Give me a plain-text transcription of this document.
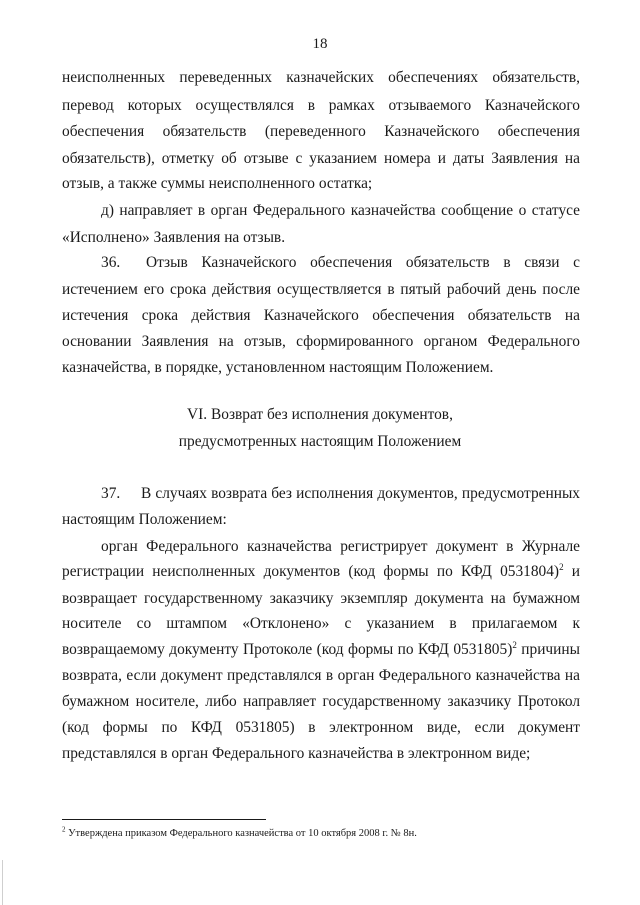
18
неисполненных переведенных казначейских обеспечениях обязательств,
перевод которых осуществлялся в рамках отзываемого Казначейского
обеспечения обязательств (переведенного Казначейского обеспечения
обязательств), отметку об отзыве с указанием номера и даты Заявления на
отзыв, а также суммы неисполненного остатка;
д) направляет в орган Федерального казначейства сообщение о статусе
«Исполнено» Заявления на отзыв.
36.	Отзыв Казначейского обеспечения обязательств в связи с
истечением его срока действия осуществляется в пятый рабочий день после
истечения срока действия Казначейского обеспечения обязательств на
основании Заявления на отзыв, сформированного органом Федерального
казначейства, в порядке, установленном настоящим Положением.
VI. Возврат без исполнения документов,
предусмотренных настоящим Положением
37.	В случаях возврата без исполнения документов, предусмотренных
настоящим Положением:
орган Федерального казначейства регистрирует документ в Журнале
регистрации неисполненных документов (код формы по КФД 0531804)$^2$ и
возвращает государственному заказчику экземпляр документа на бумажном
носителе со штампом «Отклонено» с указанием в прилагаемом к
возвращаемому документу Протоколе (код формы по КФД 0531805)$^2$ причины
возврата, если документ представлялся в орган Федерального казначейства на
бумажном носителе, либо направляет государственному заказчику Протокол
(код формы по КФД 0531805) в электронном виде, если документ
представлялся в орган Федерального казначейства в электронном виде;
$^2$ Утверждена приказом Федерального казначейства от 10 октября 2008 г. № 8н.
